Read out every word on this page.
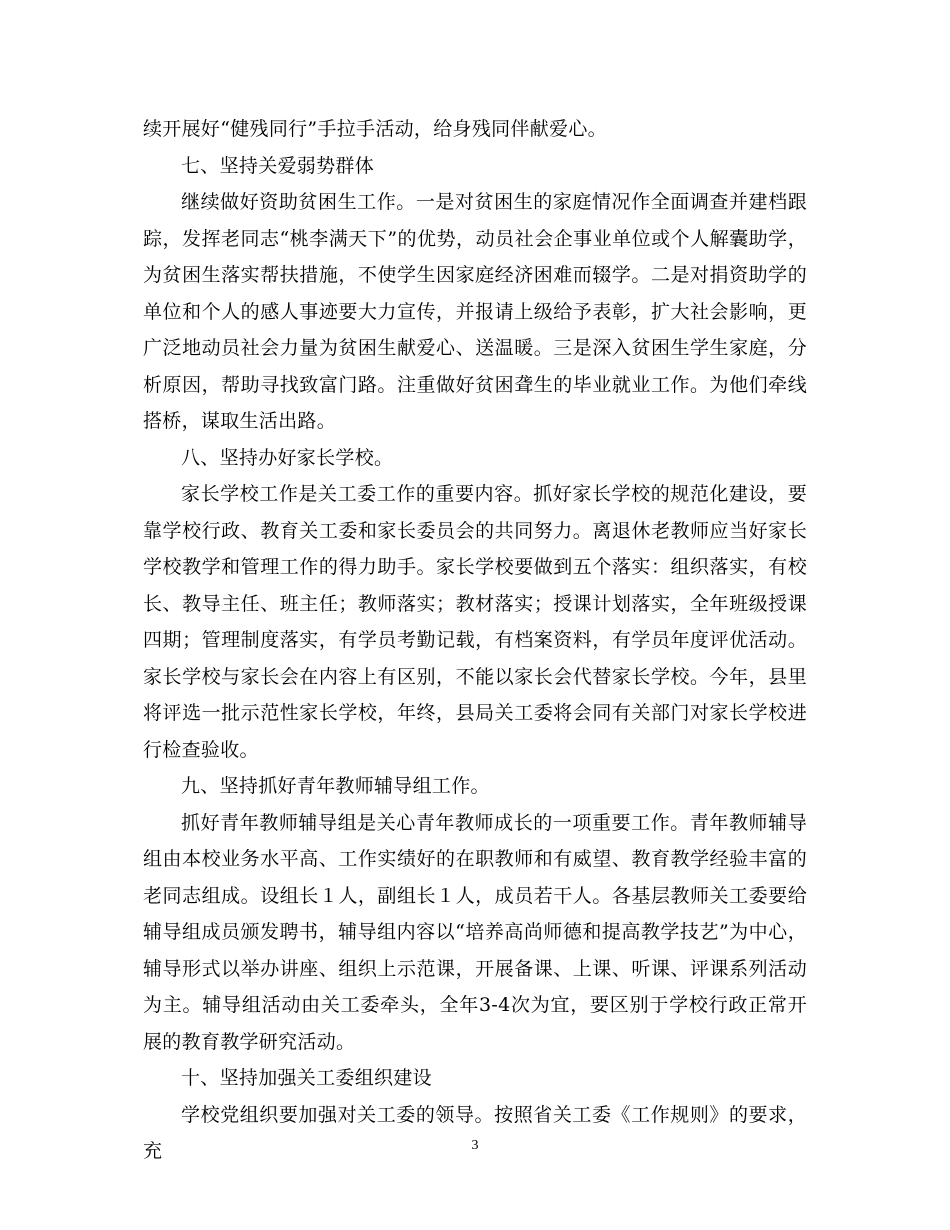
续开展好“健残同行”手拉手活动，给身残同伴献爱心。

七、坚持关爱弱势群体

继续做好资助贫困生工作。一是对贫困生的家庭情况作全面调查并建档跟踪，发挥老同志“桃李满天下”的优势，动员社会企事业单位或个人解囊助学，为贫困生落实帮扶措施，不使学生因家庭经济困难而辍学。二是对捐资助学的单位和个人的感人事迹要大力宣传，并报请上级给予表彰，扩大社会影响，更广泛地动员社会力量为贫困生献爱心、送温暖。三是深入贫困生学生家庭，分析原因，帮助寻找致富门路。注重做好贫困聋生的毕业就业工作。为他们牵线搭桥，谋取生活出路。

八、坚持办好家长学校。

家长学校工作是关工委工作的重要内容。抓好家长学校的规范化建设，要靠学校行政、教育关工委和家长委员会的共同努力。离退休老教师应当好家长学校教学和管理工作的得力助手。家长学校要做到五个落实：组织落实，有校长、教导主任、班主任；教师落实；教材落实；授课计划落实，全年班级授课四期；管理制度落实，有学员考勤记载，有档案资料，有学员年度评优活动。家长学校与家长会在内容上有区别，不能以家长会代替家长学校。今年，县里将评选一批示范性家长学校，年终，县局关工委将会同有关部门对家长学校进行检查验收。

九、坚持抓好青年教师辅导组工作。

抓好青年教师辅导组是关心青年教师成长的一项重要工作。青年教师辅导组由本校业务水平高、工作实绩好的在职教师和有威望、教育教学经验丰富的老同志组成。设组长１人，副组长１人，成员若干人。各基层教师关工委要给辅导组成员颁发聘书，辅导组内容以“培养高尚师德和提高教学技艺”为中心，辅导形式以举办讲座、组织上示范课，开展备课、上课、听课、评课系列活动为主。辅导组活动由关工委牵头，全年3-4次为宜，要区别于学校行政正常开展的教育教学研究活动。

十、坚持加强关工委组织建设

学校党组织要加强对关工委的领导。按照省关工委《工作规则》的要求，充	3
